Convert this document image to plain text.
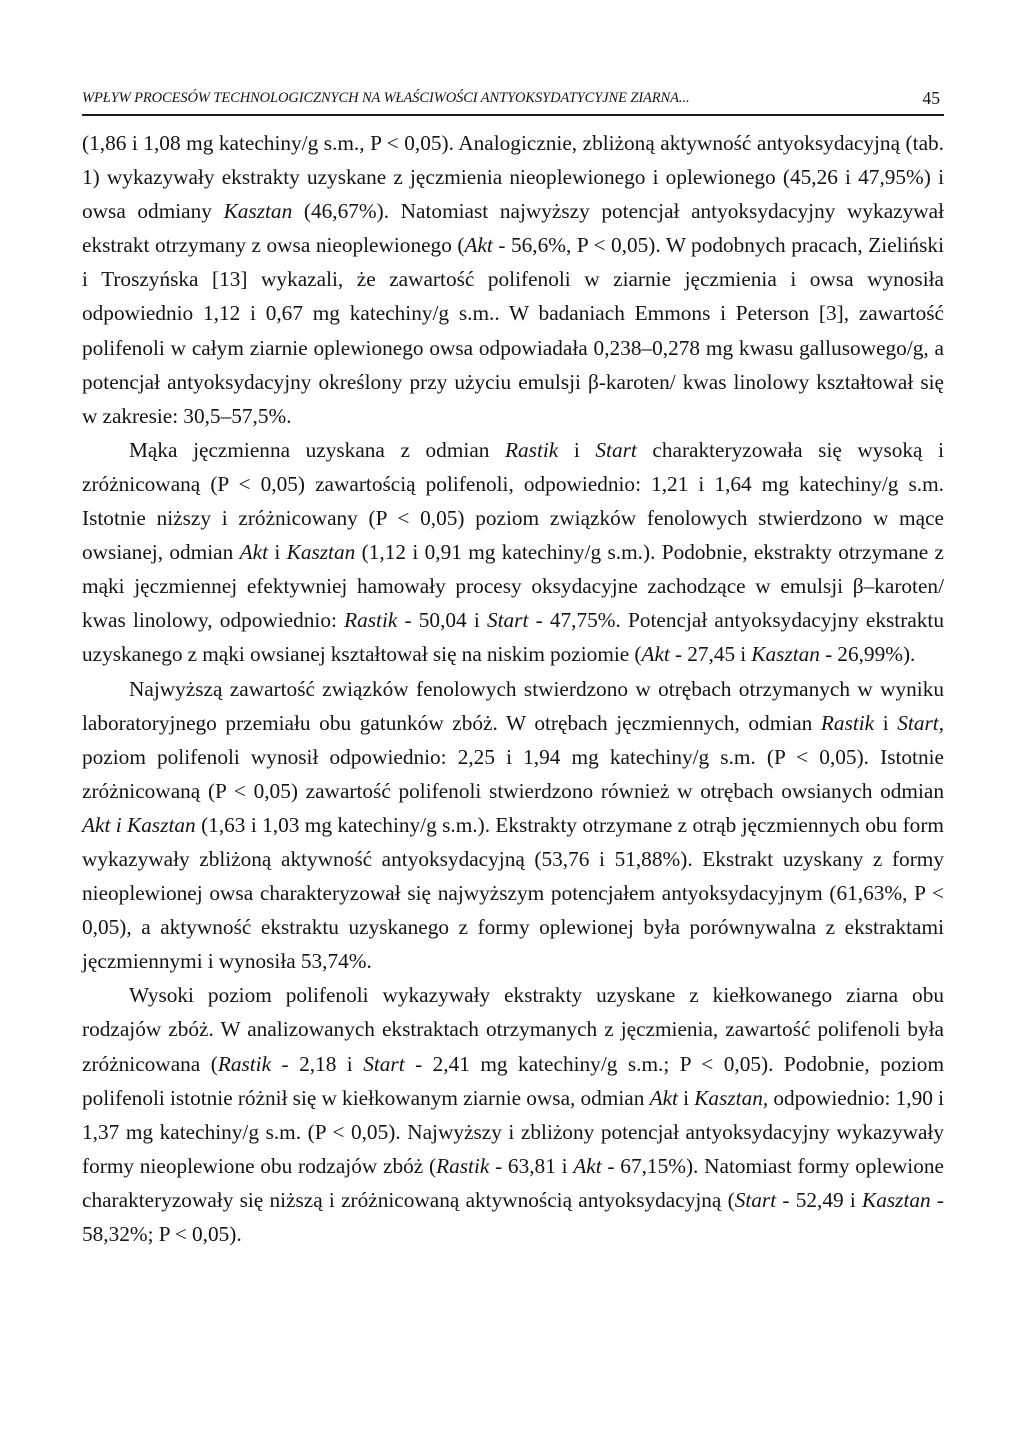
WPŁYW PROCESÓW TECHNOLOGICZNYCH NA WŁAŚCIWOŚCI ANTYOKSYDATYCYJNE ZIARNA...	45

(1,86 i 1,08 mg katechiny/g s.m., P < 0,05). Analogicznie, zbliżoną aktywność antyoksydacyjną (tab. 1) wykazywały ekstrakty uzyskane z jęczmienia nieoplewionego i oplewionego (45,26 i 47,95%) i owsa odmiany Kasztan (46,67%). Natomiast najwyższy potencjał antyoksydacyjny wykazywał ekstrakt otrzymany z owsa nieoplewionego (Akt - 56,6%, P < 0,05). W podobnych pracach, Zieliński i Troszyńska [13] wykazali, że zawartość polifenoli w ziarnie jęczmienia i owsa wynosiła odpowiednio 1,12 i 0,67 mg katechiny/g s.m.. W badaniach Emmons i Peterson [3], zawartość polifenoli w całym ziarnie oplewionego owsa odpowiadała 0,238–0,278 mg kwasu gallusowego/g, a potencjał antyoksydacyjny określony przy użyciu emulsji β-karoten/ kwas linolowy kształtował się w zakresie: 30,5–57,5%.

Mąka jęczmienna uzyskana z odmian Rastik i Start charakteryzowała się wysoką i zróżnicowaną (P < 0,05) zawartością polifenoli, odpowiednio: 1,21 i 1,64 mg katechiny/g s.m. Istotnie niższy i zróżnicowany (P < 0,05) poziom związków fenolowych stwierdzono w mące owsianej, odmian Akt i Kasztan (1,12 i 0,91 mg katechiny/g s.m.). Podobnie, ekstrakty otrzymane z mąki jęczmiennej efektywniej hamowały procesy oksydacyjne zachodzące w emulsji β–karoten/ kwas linolowy, odpowiednio: Rastik - 50,04 i Start - 47,75%. Potencjał antyoksydacyjny ekstraktu uzyskanego z mąki owsianej kształtował się na niskim poziomie (Akt - 27,45 i Kasztan - 26,99%).

Najwyższą zawartość związków fenolowych stwierdzono w otrębach otrzymanych w wyniku laboratoryjnego przemiału obu gatunków zbóż. W otrębach jęczmiennych, odmian Rastik i Start, poziom polifenoli wynosił odpowiednio: 2,25 i 1,94 mg katechiny/g s.m. (P < 0,05). Istotnie zróżnicowaną (P < 0,05) zawartość polifenoli stwierdzono również w otrębach owsianych odmian Akt i Kasztan (1,63 i 1,03 mg katechiny/g s.m.). Ekstrakty otrzymane z otrąb jęczmiennych obu form wykazywały zbliżoną aktywność antyoksydacyjną (53,76 i 51,88%). Ekstrakt uzyskany z formy nieoplewionej owsa charakteryzował się najwyższym potencjałem antyoksydacyjnym (61,63%, P < 0,05), a aktywność ekstraktu uzyskanego z formy oplewionej była porównywalna z ekstraktami jęczmiennymi i wynosiła 53,74%.

Wysoki poziom polifenoli wykazywały ekstrakty uzyskane z kiełkowanego ziarna obu rodzajów zbóż. W analizowanych ekstraktach otrzymanych z jęczmienia, zawartość polifenoli była zróżnicowana (Rastik - 2,18 i Start - 2,41 mg katechiny/g s.m.; P < 0,05). Podobnie, poziom polifenoli istotnie różnił się w kiełkowanym ziarnie owsa, odmian Akt i Kasztan, odpowiednio: 1,90 i 1,37 mg katechiny/g s.m. (P < 0,05). Najwyższy i zbliżony potencjał antyoksydacyjny wykazywały formy nieoplewione obu rodzajów zbóż (Rastik - 63,81 i Akt - 67,15%). Natomiast formy oplewione charakteryzowały się niższą i zróżnicowaną aktywnością antyoksydacyjną (Start - 52,49 i Kasztan - 58,32%; P < 0,05).
